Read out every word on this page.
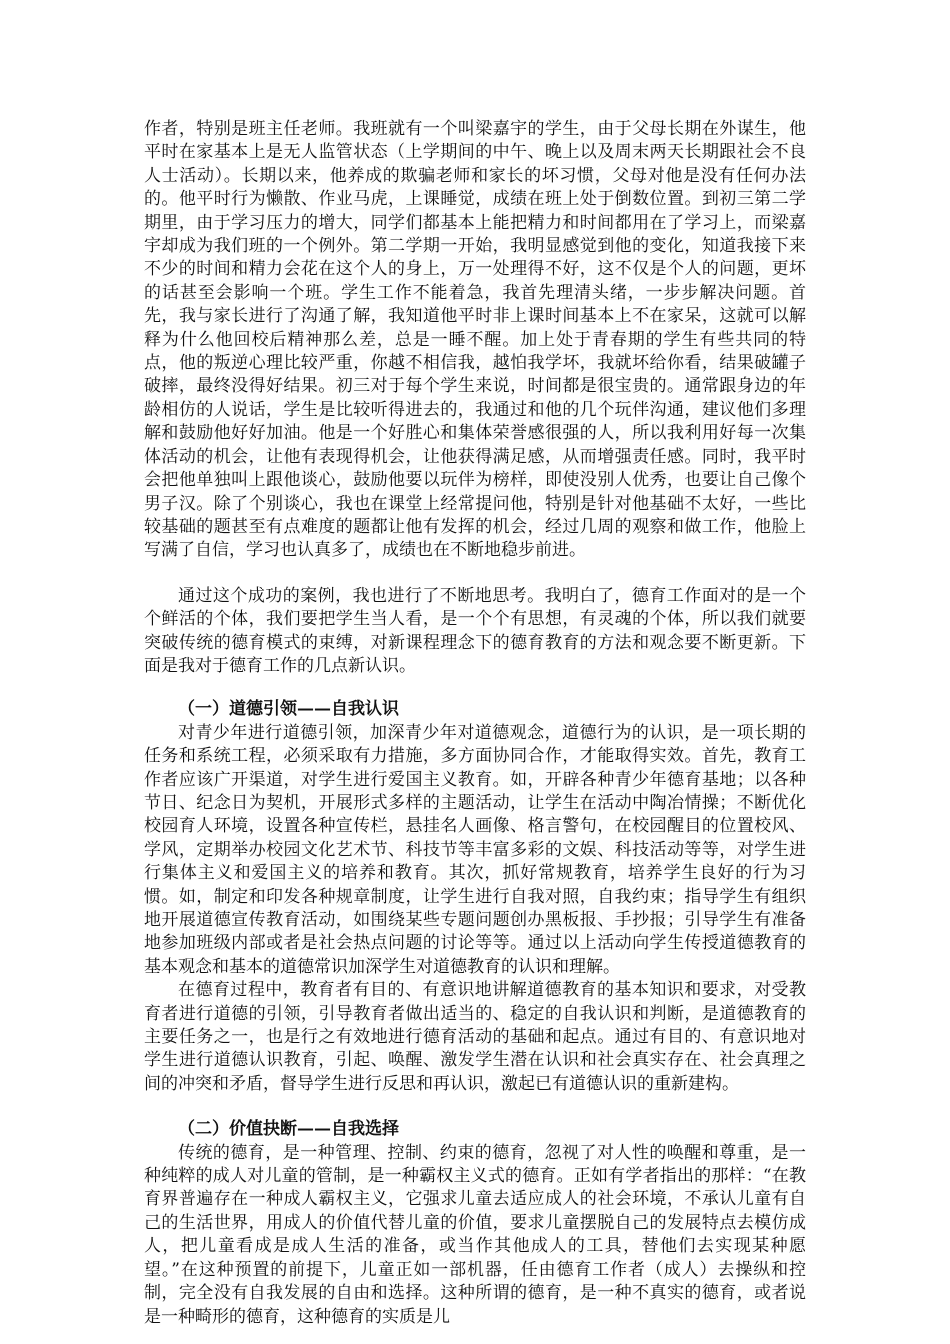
作者，特别是班主任老师。我班就有一个叫梁嘉宇的学生，由于父母长期在外谋生，他平时在家基本上是无人监管状态（上学期间的中午、晚上以及周末两天长期跟社会不良人士活动）。长期以来，他养成的欺骗老师和家长的坏习惯，父母对他是没有任何办法的。他平时行为懒散、作业马虎，上课睡觉，成绩在班上处于倒数位置。到初三第二学期里，由于学习压力的增大，同学们都基本上能把精力和时间都用在了学习上，而梁嘉宇却成为我们班的一个例外。第二学期一开始，我明显感觉到他的变化，知道我接下来不少的时间和精力会花在这个人的身上，万一处理得不好，这不仅是个人的问题，更坏的话甚至会影响一个班。学生工作不能着急，我首先理清头绪，一步步解决问题。首先，我与家长进行了沟通了解，我知道他平时非上课时间基本上不在家呆，这就可以解释为什么他回校后精神那么差，总是一睡不醒。加上处于青春期的学生有些共同的特点，他的叛逆心理比较严重，你越不相信我，越怕我学坏，我就坏给你看，结果破罐子破摔，最终没得好结果。初三对于每个学生来说，时间都是很宝贵的。通常跟身边的年龄相仿的人说话，学生是比较听得进去的，我通过和他的几个玩伴沟通，建议他们多理解和鼓励他好好加油。他是一个好胜心和集体荣誉感很强的人，所以我利用好每一次集体活动的机会，让他有表现得机会，让他获得满足感，从而增强责任感。同时，我平时会把他单独叫上跟他谈心，鼓励他要以玩伴为榜样，即使没别人优秀，也要让自己像个男子汉。除了个别谈心，我也在课堂上经常提问他，特别是针对他基础不太好，一些比较基础的题甚至有点难度的题都让他有发挥的机会，经过几周的观察和做工作，他脸上写满了自信，学习也认真多了，成绩也在不断地稳步前进。

通过这个成功的案例，我也进行了不断地思考。我明白了，德育工作面对的是一个个鲜活的个体，我们要把学生当人看，是一个个有思想，有灵魂的个体，所以我们就要突破传统的德育模式的束缚，对新课程理念下的德育教育的方法和观念要不断更新。下面是我对于德育工作的几点新认识。

（一）道德引领——自我认识

对青少年进行道德引领，加深青少年对道德观念，道德行为的认识，是一项长期的任务和系统工程，必须采取有力措施，多方面协同合作，才能取得实效。首先，教育工作者应该广开渠道，对学生进行爱国主义教育。如，开辟各种青少年德育基地；以各种节日、纪念日为契机，开展形式多样的主题活动，让学生在活动中陶冶情操；不断优化校园育人环境，设置各种宣传栏，悬挂名人画像、格言警句，在校园醒目的位置校风、学风，定期举办校园文化艺术节、科技节等丰富多彩的文娱、科技活动等等，对学生进行集体主义和爱国主义的培养和教育。其次，抓好常规教育，培养学生良好的行为习惯。如，制定和印发各种规章制度，让学生进行自我对照，自我约束；指导学生有组织地开展道德宣传教育活动，如围绕某些专题问题创办黑板报、手抄报；引导学生有准备地参加班级内部或者是社会热点问题的讨论等等。通过以上活动向学生传授道德教育的基本观念和基本的道德常识加深学生对道德教育的认识和理解。

在德育过程中，教育者有目的、有意识地讲解道德教育的基本知识和要求，对受教育者进行道德的引领，引导教育者做出适当的、稳定的自我认识和判断，是道德教育的主要任务之一，也是行之有效地进行德育活动的基础和起点。通过有目的、有意识地对学生进行道德认识教育，引起、唤醒、激发学生潜在认识和社会真实存在、社会真理之间的冲突和矛盾，督导学生进行反思和再认识，激起已有道德认识的重新建构。

（二）价值抉断——自我选择

传统的德育，是一种管理、控制、约束的德育，忽视了对人性的唤醒和尊重，是一种纯粹的成人对儿童的管制，是一种霸权主义式的德育。正如有学者指出的那样：“在教育界普遍存在一种成人霸权主义，它强求儿童去适应成人的社会环境，不承认儿童有自己的生活世界，用成人的价值代替儿童的价值，要求儿童摆脱自己的发展特点去模仿成人，把儿童看成是成人生活的准备，或当作其他成人的工具，替他们去实现某种愿望。”在这种预置的前提下，儿童正如一部机器，任由德育工作者（成人）去操纵和控制，完全没有自我发展的自由和选择。这种所谓的德育，是一种不真实的德育，或者说是一种畸形的德育，这种德育的实质是儿
